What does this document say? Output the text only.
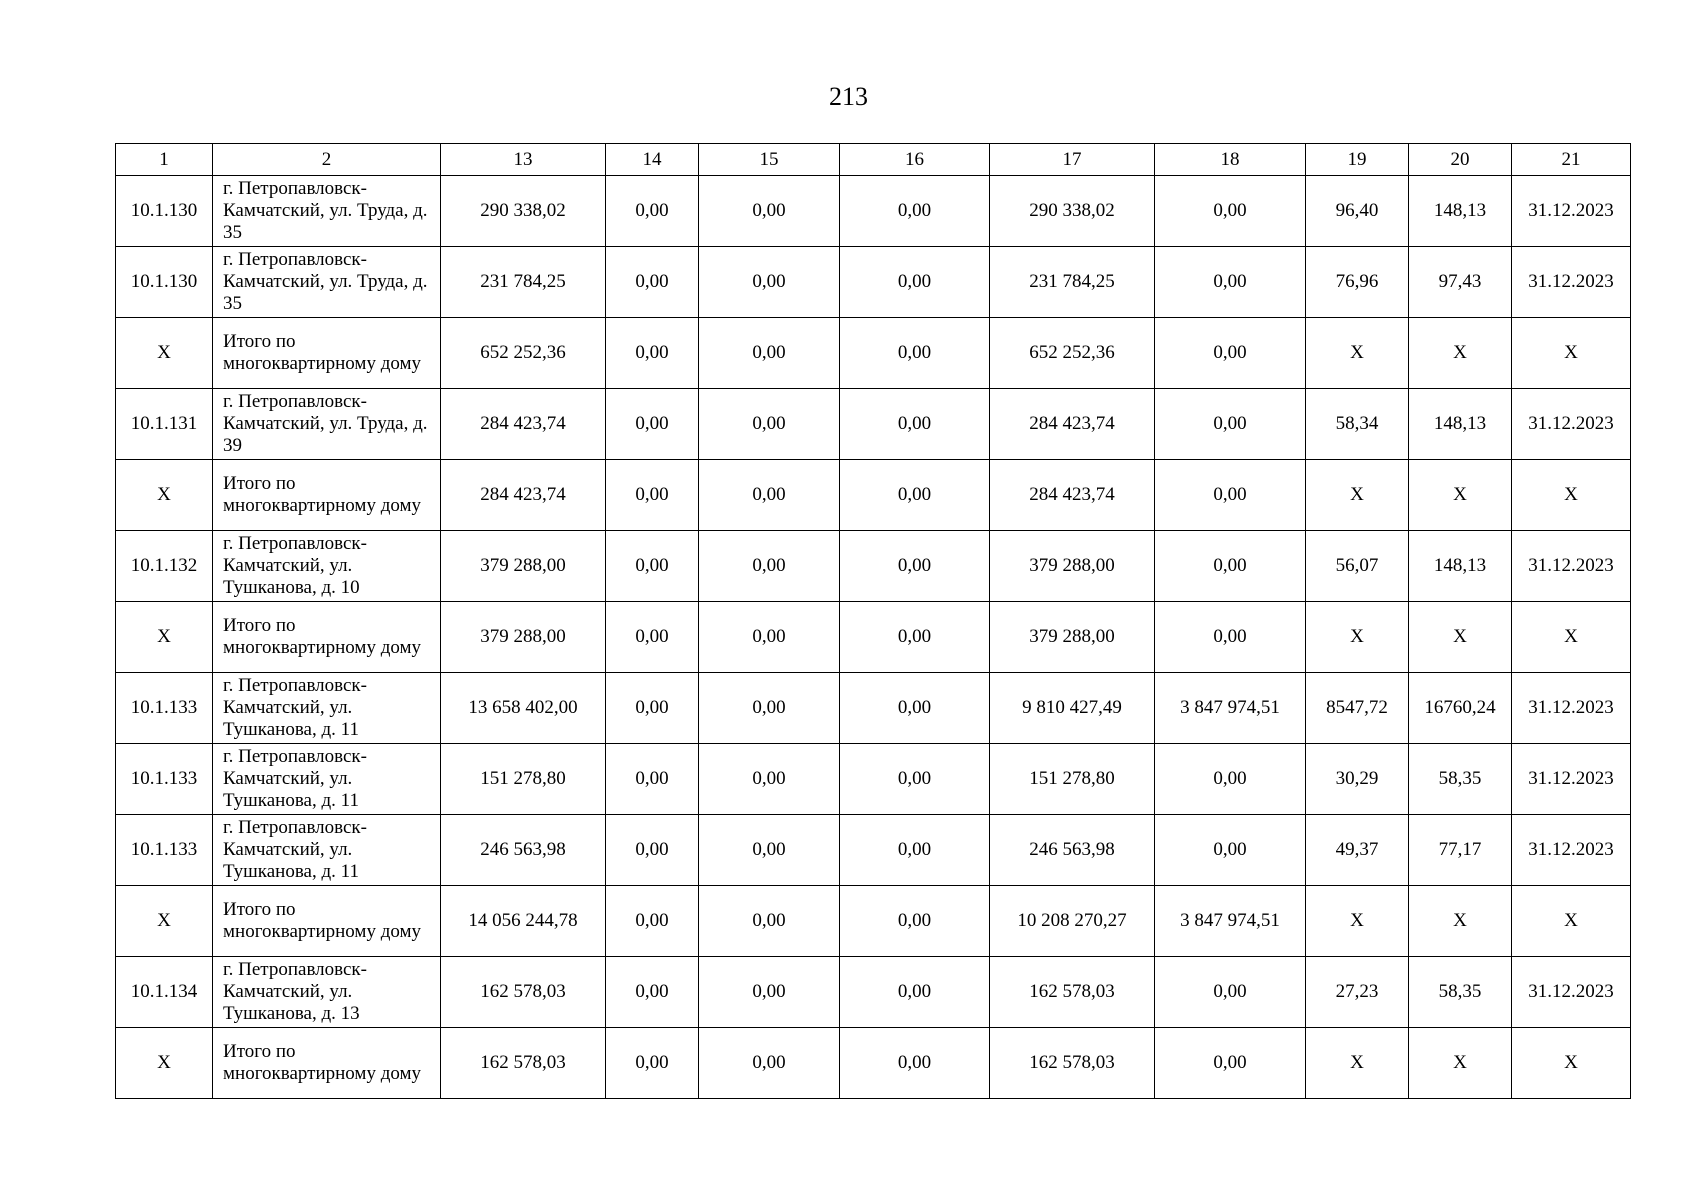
213
1	2	13	14	15	16	17	18	19	20	21
10.1.130	г. Петропавловск-Камчатский, ул. Труда, д. 35	290 338,02	0,00	0,00	0,00	290 338,02	0,00	96,40	148,13	31.12.2023
10.1.130	г. Петропавловск-Камчатский, ул. Труда, д. 35	231 784,25	0,00	0,00	0,00	231 784,25	0,00	76,96	97,43	31.12.2023
Х	Итого по многоквартирному дому	652 252,36	0,00	0,00	0,00	652 252,36	0,00	Х	Х	Х
10.1.131	г. Петропавловск-Камчатский, ул. Труда, д. 39	284 423,74	0,00	0,00	0,00	284 423,74	0,00	58,34	148,13	31.12.2023
Х	Итого по многоквартирному дому	284 423,74	0,00	0,00	0,00	284 423,74	0,00	Х	Х	Х
10.1.132	г. Петропавловск-Камчатский, ул. Тушканова, д. 10	379 288,00	0,00	0,00	0,00	379 288,00	0,00	56,07	148,13	31.12.2023
Х	Итого по многоквартирному дому	379 288,00	0,00	0,00	0,00	379 288,00	0,00	Х	Х	Х
10.1.133	г. Петропавловск-Камчатский, ул. Тушканова, д. 11	13 658 402,00	0,00	0,00	0,00	9 810 427,49	3 847 974,51	8547,72	16760,24	31.12.2023
10.1.133	г. Петропавловск-Камчатский, ул. Тушканова, д. 11	151 278,80	0,00	0,00	0,00	151 278,80	0,00	30,29	58,35	31.12.2023
10.1.133	г. Петропавловск-Камчатский, ул. Тушканова, д. 11	246 563,98	0,00	0,00	0,00	246 563,98	0,00	49,37	77,17	31.12.2023
Х	Итого по многоквартирному дому	14 056 244,78	0,00	0,00	0,00	10 208 270,27	3 847 974,51	Х	Х	Х
10.1.134	г. Петропавловск-Камчатский, ул. Тушканова, д. 13	162 578,03	0,00	0,00	0,00	162 578,03	0,00	27,23	58,35	31.12.2023
Х	Итого по многоквартирному дому	162 578,03	0,00	0,00	0,00	162 578,03	0,00	Х	Х	Х
